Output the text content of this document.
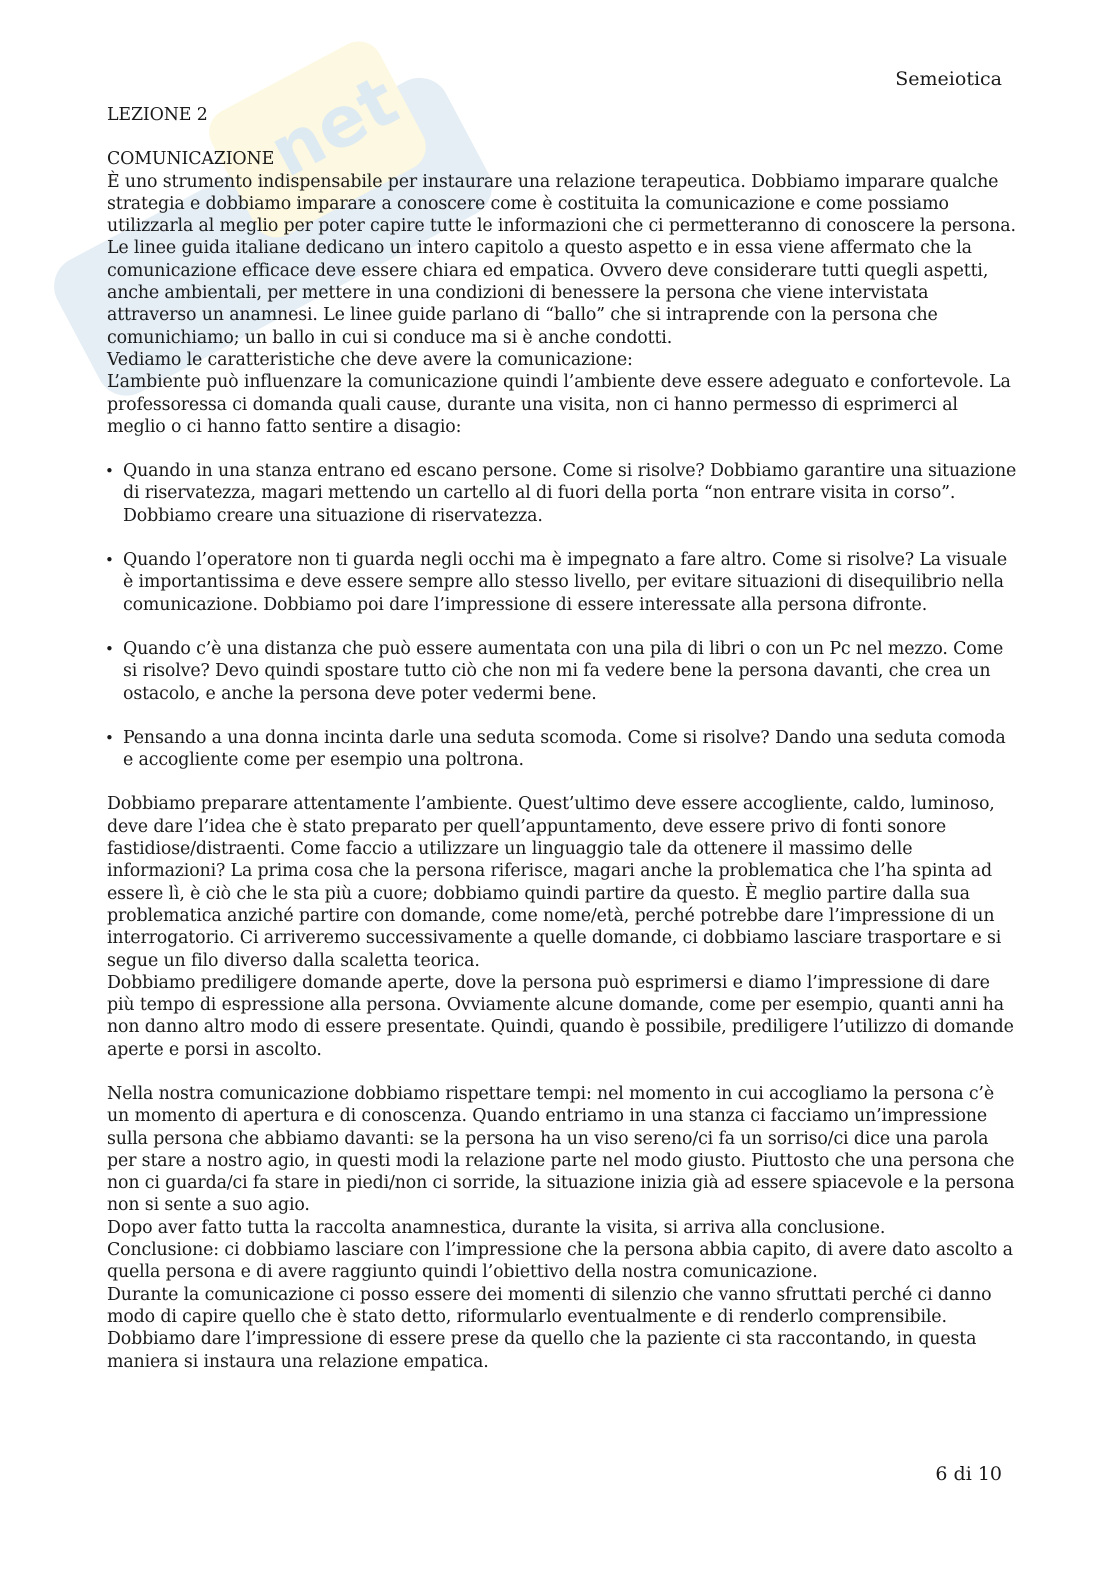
net	Semeiotica

LEZIONE 2

COMUNICAZIONE

È uno strumento indispensabile per instaurare una relazione terapeutica. Dobbiamo imparare qualche strategia e dobbiamo imparare a conoscere come è costituita la comunicazione e come possiamo utilizzarla al meglio per poter capire tutte le informazioni che ci permetteranno di conoscere la persona. Le linee guida italiane dedicano un intero capitolo a questo aspetto e in essa viene affermato che la comunicazione efficace deve essere chiara ed empatica. Ovvero deve considerare tutti quegli aspetti, anche ambientali, per mettere in una condizioni di benessere la persona che viene intervistata attraverso un anamnesi. Le linee guide parlano di “ballo” che si intraprende con la persona che comunichiamo; un ballo in cui si conduce ma si è anche condotti.

Vediamo le caratteristiche che deve avere la comunicazione:

L’ambiente può influenzare la comunicazione quindi l’ambiente deve essere adeguato e confortevole. La professoressa ci domanda quali cause, durante una visita, non ci hanno permesso di esprimerci al meglio o ci hanno fatto sentire a disagio:

• Quando in una stanza entrano ed escano persone. Come si risolve? Dobbiamo garantire una situazione di riservatezza, magari mettendo un cartello al di fuori della porta “non entrare visita in corso”. Dobbiamo creare una situazione di riservatezza.
• Quando l’operatore non ti guarda negli occhi ma è impegnato a fare altro. Come si risolve? La visuale è importantissima e deve essere sempre allo stesso livello, per evitare situazioni di disequilibrio nella comunicazione. Dobbiamo poi dare l’impressione di essere interessate alla persona difronte.
• Quando c’è una distanza che può essere aumentata con una pila di libri o con un Pc nel mezzo. Come si risolve? Devo quindi spostare tutto ciò che non mi fa vedere bene la persona davanti, che crea un ostacolo, e anche la persona deve poter vedermi bene.
• Pensando a una donna incinta darle una seduta scomoda. Come si risolve? Dando una seduta comoda e accogliente come per esempio una poltrona.

Dobbiamo preparare attentamente l’ambiente. Quest’ultimo deve essere accogliente, caldo, luminoso, deve dare l’idea che è stato preparato per quell’appuntamento, deve essere privo di fonti sonore fastidiose/distraenti. Come faccio a utilizzare un linguaggio tale da ottenere il massimo delle informazioni? La prima cosa che la persona riferisce, magari anche la problematica che l’ha spinta ad essere lì, è ciò che le sta più a cuore; dobbiamo quindi partire da questo. È meglio partire dalla sua problematica anziché partire con domande, come nome/età, perché potrebbe dare l’impressione di un interrogatorio. Ci arriveremo successivamente a quelle domande, ci dobbiamo lasciare trasportare e si segue un filo diverso dalla scaletta teorica.

Dobbiamo prediligere domande aperte, dove la persona può esprimersi e diamo l’impressione di dare più tempo di espressione alla persona. Ovviamente alcune domande, come per esempio, quanti anni ha non danno altro modo di essere presentate. Quindi, quando è possibile, prediligere l’utilizzo di domande aperte e porsi in ascolto.

Nella nostra comunicazione dobbiamo rispettare tempi: nel momento in cui accogliamo la persona c’è un momento di apertura e di conoscenza. Quando entriamo in una stanza ci facciamo un’impressione sulla persona che abbiamo davanti: se la persona ha un viso sereno/ci fa un sorriso/ci dice una parola per stare a nostro agio, in questi modi la relazione parte nel modo giusto. Piuttosto che una persona che non ci guarda/ci fa stare in piedi/non ci sorride, la situazione inizia già ad essere spiacevole e la persona non si sente a suo agio.

Dopo aver fatto tutta la raccolta anamnestica, durante la visita, si arriva alla conclusione.

Conclusione: ci dobbiamo lasciare con l’impressione che la persona abbia capito, di avere dato ascolto a quella persona e di avere raggiunto quindi l’obiettivo della nostra comunicazione.

Durante la comunicazione ci posso essere dei momenti di silenzio che vanno sfruttati perché ci danno modo di capire quello che è stato detto, riformularlo eventualmente e di renderlo comprensibile.

Dobbiamo dare l’impressione di essere prese da quello che la paziente ci sta raccontando, in questa maniera si instaura una relazione empatica.

6 di 10
